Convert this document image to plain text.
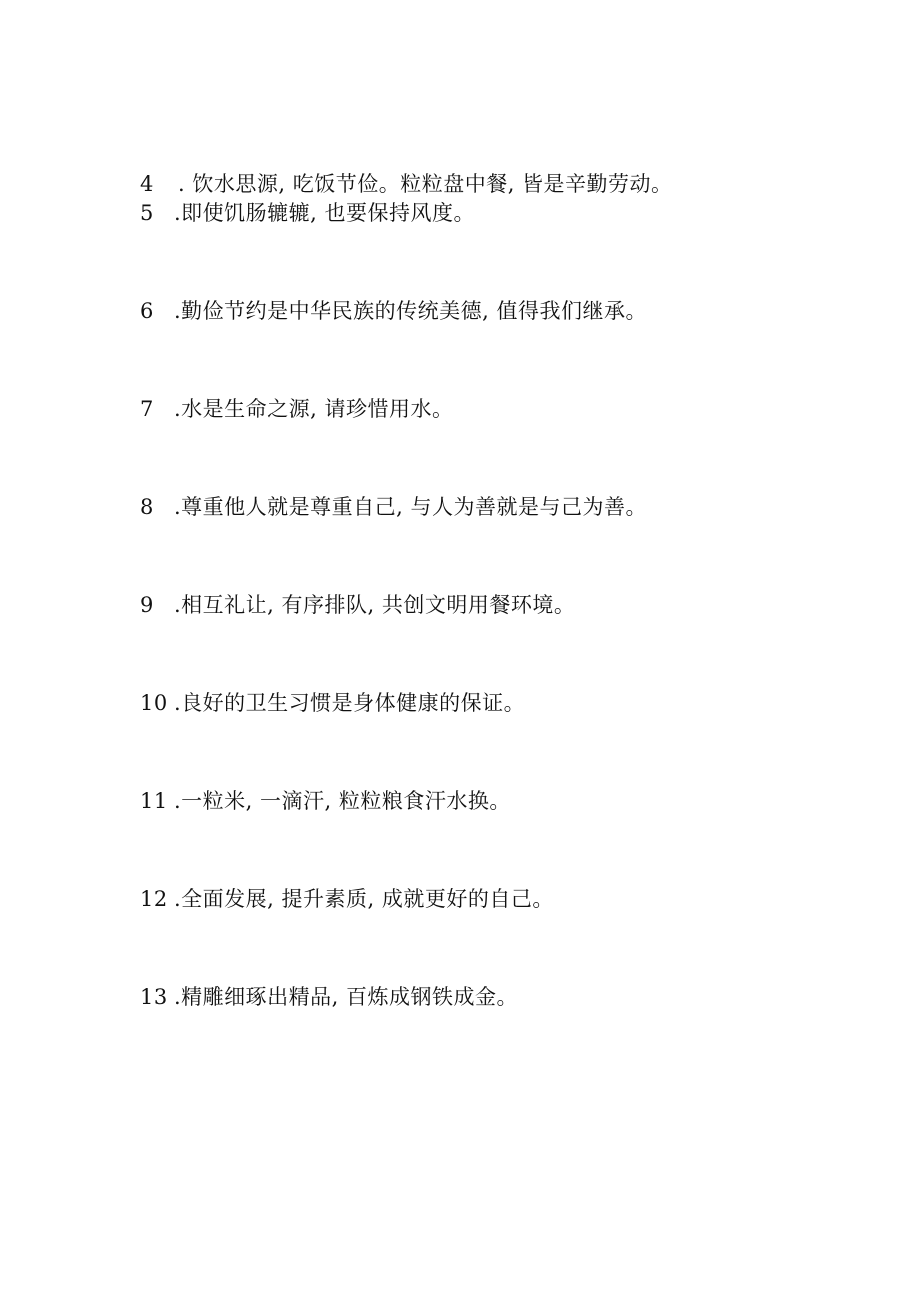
4 . 饮水思源, 吃饭节俭。粒粒盘中餐, 皆是辛勤劳动。
5 .即使饥肠辘辘, 也要保持风度。
6 .勤俭节约是中华民族的传统美德, 值得我们继承。
7 .水是生命之源, 请珍惜用水。
8 .尊重他人就是尊重自己, 与人为善就是与己为善。
9 .相互礼让, 有序排队, 共创文明用餐环境。
10 .良好的卫生习惯是身体健康的保证。
11 .一粒米, 一滴汗, 粒粒粮食汗水换。
12 .全面发展, 提升素质, 成就更好的自己。
13 .精雕细琢出精品, 百炼成钢铁成金。
